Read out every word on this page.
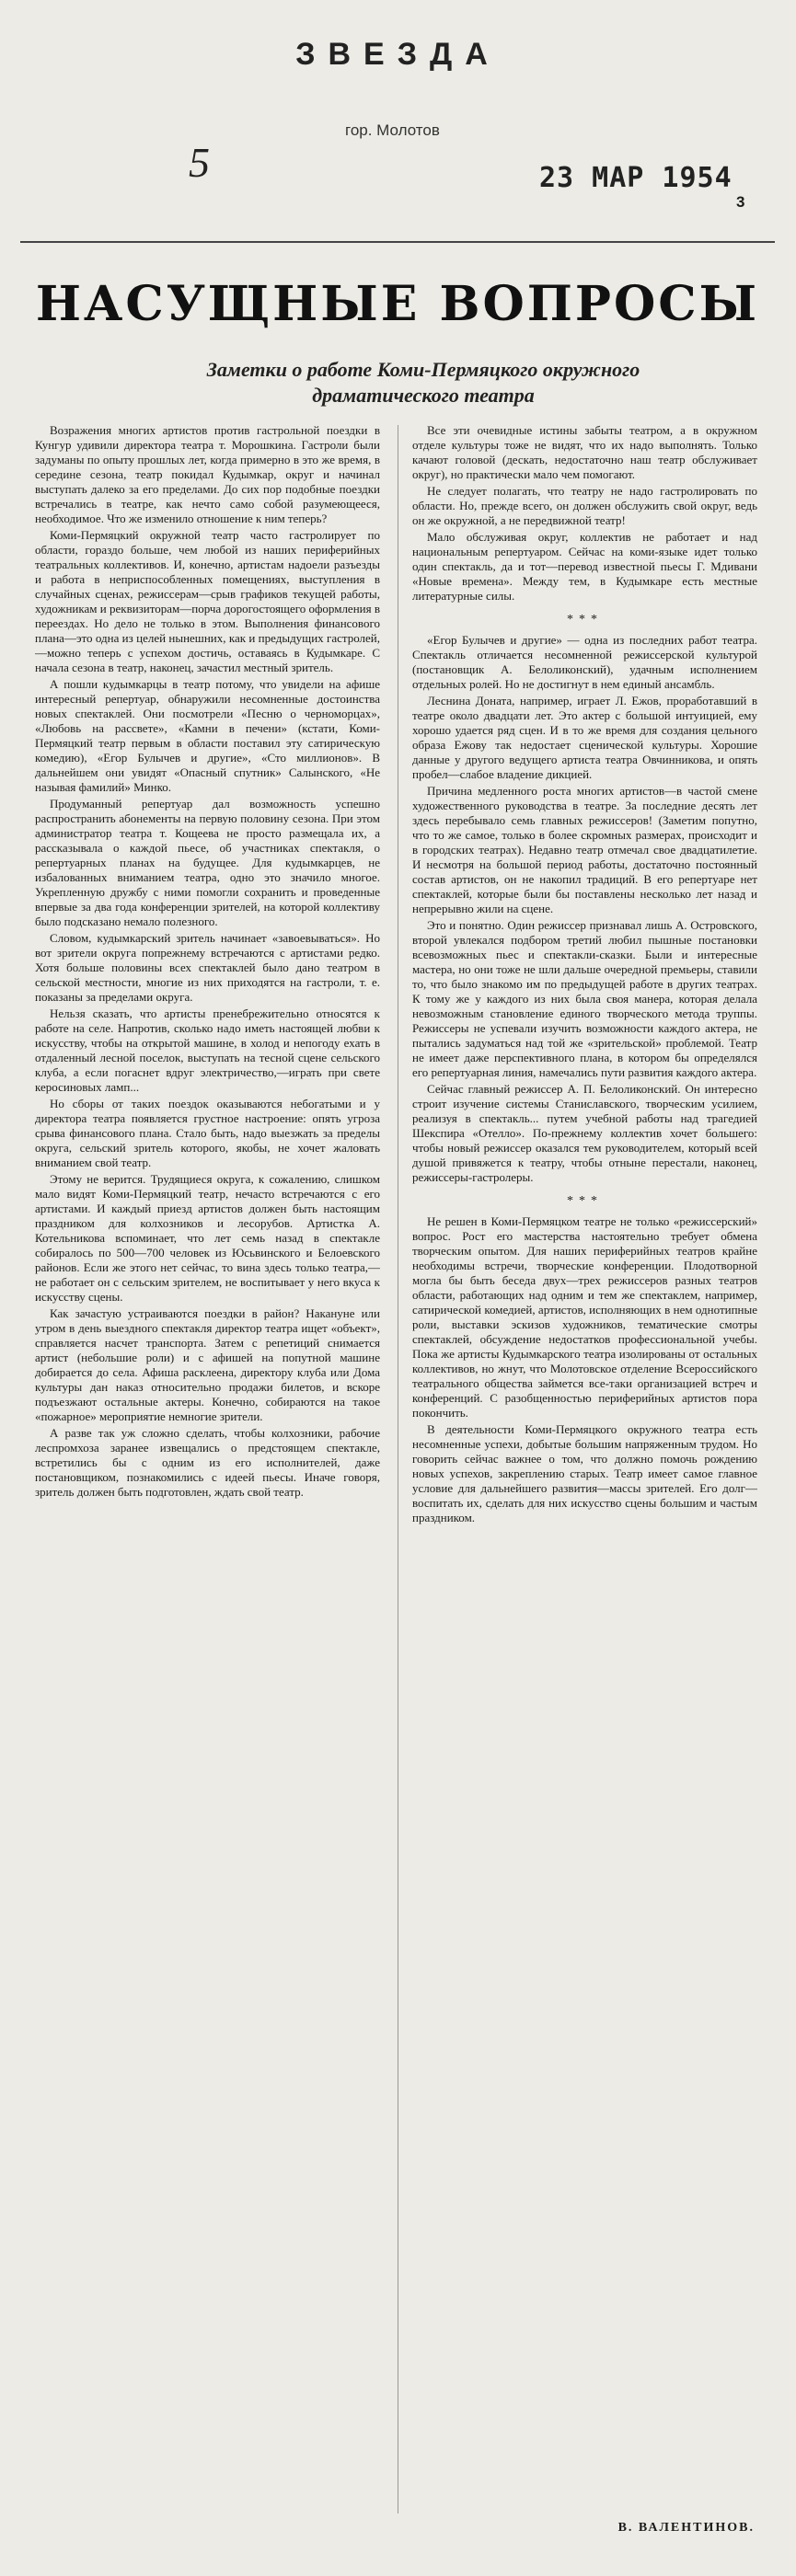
ЗВЕЗДА
гор. Молотов
5	23 МАР 1954
3
НАСУЩНЫЕ ВОПРОСЫ
Заметки о работе Коми-Пермяцкого окружного драматического театра

Возражения многих артистов против гастрольной поездки в Кунгур удивили директора театра т. Морошкина. Гастроли были задуманы по опыту прошлых лет, когда примерно в это же время, в середине сезона, театр покидал Кудымкар, округ и начинал выступать далеко за его пределами. До сих пор подобные поездки встречались в театре, как нечто само собой разумеющееся, необходимое. Что же изменило отношение к ним теперь?

Коми-Пермяцкий окружной театр часто гастролирует по области, гораздо больше, чем любой из наших периферийных театральных коллективов. И, конечно, артистам надоели разъезды и работа в неприспособленных помещениях, выступления в случайных сценах, режиссерам—срыв графиков текущей работы, художникам и реквизиторам—порча дорогостоящего оформления в переездах. Но дело не только в этом. Выполнения финансового плана—это одна из целей нынешних, как и предыдущих гастролей,—можно теперь с успехом достичь, оставаясь в Кудымкаре. С начала сезона в театр, наконец, зачастил местный зритель.

А пошли кудымкарцы в театр потому, что увидели на афише интересный репертуар, обнаружили несомненные достоинства новых спектаклей. Они посмотрели «Песню о черноморцах», «Любовь на рассвете», «Камни в печени» (кстати, Коми-Пермяцкий театр первым в области поставил эту сатирическую комедию), «Егор Булычев и другие», «Сто миллионов». В дальнейшем они увидят «Опасный спутник» Салынского, «Не называя фамилий» Минко.

Продуманный репертуар дал возможность успешно распространить абонементы на первую половину сезона. При этом администратор театра т. Кощеева не просто размещала их, а рассказывала о каждой пьесе, об участниках спектакля, о репертуарных планах на будущее. Для кудымкарцев, не избалованных вниманием театра, одно это значило многое. Укрепленную дружбу с ними помогли сохранить и проведенные впервые за два года конференции зрителей, на которой коллективу было подсказано немало полезного.

Словом, кудымкарский зритель начинает «завоевываться». Но вот зрители округа попрежнему встречаются с артистами редко. Хотя больше половины всех спектаклей было дано театром в сельской местности, многие из них приходятся на гастроли, т. е. показаны за пределами округа.

Нельзя сказать, что артисты пренебрежительно относятся к работе на селе. Напротив, сколько надо иметь настоящей любви к искусству, чтобы на открытой машине, в холод и непогоду ехать в отдаленный лесной поселок, выступать на тесной сцене сельского клуба, а если погаснет вдруг электричество,—играть при свете керосиновых ламп...

Но сборы от таких поездок оказываются небогатыми и у директора театра появляется грустное настроение: опять угроза срыва финансового плана. Стало быть, надо выезжать за пределы округа, сельский зритель которого, якобы, не хочет жаловать вниманием свой театр.

Этому не верится. Трудящиеся округа, к сожалению, слишком мало видят Коми-Пермяцкий театр, нечасто встречаются с его артистами. И каждый приезд артистов должен быть настоящим праздником для колхозников и лесорубов. Артистка А. Котельникова вспоминает, что лет семь назад в спектакле собиралось по 500—700 человек из Юсьвинского и Белоевского районов. Если же этого нет сейчас, то вина здесь только театра,— не работает он с сельским зрителем, не воспитывает у него вкуса к искусству сцены.

Как зачастую устраиваются поездки в район? Накануне или утром в день выездного спектакля директор театра ищет «объект», справляется насчет транспорта. Затем с репетиций снимается артист (небольшие роли) и с афишей на попутной машине добирается до села. Афиша расклеена, директору клуба или Дома культуры дан наказ относительно продажи билетов, и вскоре подъезжают остальные актеры. Конечно, собираются на такое «пожарное» мероприятие немногие зрители.

А разве так уж сложно сделать, чтобы колхозники, рабочие леспромхоза заранее извещались о предстоящем спектакле, встретились бы с одним из его исполнителей, даже постановщиком, познакомились с идеей пьесы. Иначе говоря, зритель должен быть подготовлен, ждать свой театр.

Все эти очевидные истины забыты театром, а в окружном отделе культуры тоже не видят, что их надо выполнять. Только качают головой (дескать, недостаточно наш театр обслуживает округ), но практически мало чем помогают.

Не следует полагать, что театру не надо гастролировать по области. Но, прежде всего, он должен обслужить свой округ, ведь он же окружной, а не передвижной театр!

Мало обслуживая округ, коллектив не работает и над национальным репертуаром. Сейчас на коми-языке идет только один спектакль, да и тот—перевод известной пьесы Г. Мдивани «Новые времена». Между тем, в Кудымкаре есть местные литературные силы.

***

«Егор Булычев и другие» — одна из последних работ театра. Спектакль отличается несомненной режиссерской культурой (постановщик А. Белоликонский), удачным исполнением отдельных ролей. Но не достигнут в нем единый ансамбль.

Леснина Доната, например, играет Л. Ежов, проработавший в театре около двадцати лет. Это актер с большой интуицией, ему хорошо удается ряд сцен. И в то же время для создания цельного образа Ежову так недостает сценической культуры. Хорошие данные у другого ведущего артиста театра Овчинникова, и опять пробел—слабое владение дикцией.

Причина медленного роста многих артистов—в частой смене художественного руководства в театре. За последние десять лет здесь перебывало семь главных режиссеров! (Заметим попутно, что то же самое, только в более скромных размерах, происходит и в городских театрах). Недавно театр отмечал свое двадцатилетие. И несмотря на большой период работы, достаточно постоянный состав артистов, он не накопил традиций. В его репертуаре нет спектаклей, которые были бы поставлены несколько лет назад и непрерывно жили на сцене.

Это и понятно. Один режиссер признавал лишь А. Островского, второй увлекался подбором третий любил пышные постановки всевозможных пьес и спектакли-сказки. Были и интересные мастера, но они тоже не шли дальше очередной премьеры, ставили то, что было знакомо им по предыдущей работе в других театрах. К тому же у каждого из них была своя манера, которая делала невозможным становление единого творческого метода труппы. Режиссеры не успевали изучить возможности каждого актера, не пытались задуматься над той же «зрительской» проблемой. Театр не имеет даже перспективного плана, в котором бы определялся его репертуарная линия, намечались пути развития каждого актера.

Сейчас главный режиссер А. П. Белоликонский. Он интересно строит изучение системы Станиславского, творческим усилием, реализуя в спектакль... путем учебной работы над трагедией Шекспира «Отелло». По-прежнему коллектив хочет большего: чтобы новый режиссер оказался тем руководителем, который всей душой привяжется к театру, чтобы отныне перестали, наконец, режиссеры-гастролеры.

***

Не решен в Коми-Пермяцком театре не только «режиссерский» вопрос. Рост его мастерства настоятельно требует обмена творческим опытом. Для наших периферийных театров крайне необходимы встречи, творческие конференции. Плодотворной могла бы быть беседа двух—трех режиссеров разных театров области, работающих над одним и тем же спектаклем, например, сатирической комедией, артистов, исполняющих в нем однотипные роли, выставки эскизов художников, тематические смотры спектаклей, обсуждение недостатков профессиональной учебы. Пока же артисты Кудымкарского театра изолированы от остальных коллективов, но жнут, что Молотовское отделение Всероссийского театрального общества займется все-таки организацией встреч и конференций. С разобщенностью периферийных артистов пора покончить.

В деятельности Коми-Пермяцкого окружного театра есть несомненные успехи, добытые большим напряженным трудом. Но говорить сейчас важнее о том, что должно помочь рождению новых успехов, закреплению старых. Театр имеет самое главное условие для дальнейшего развития—массы зрителей. Его долг—воспитать их, сделать для них искусство сцены большим и частым праздником.

В. ВАЛЕНТИНОВ.
